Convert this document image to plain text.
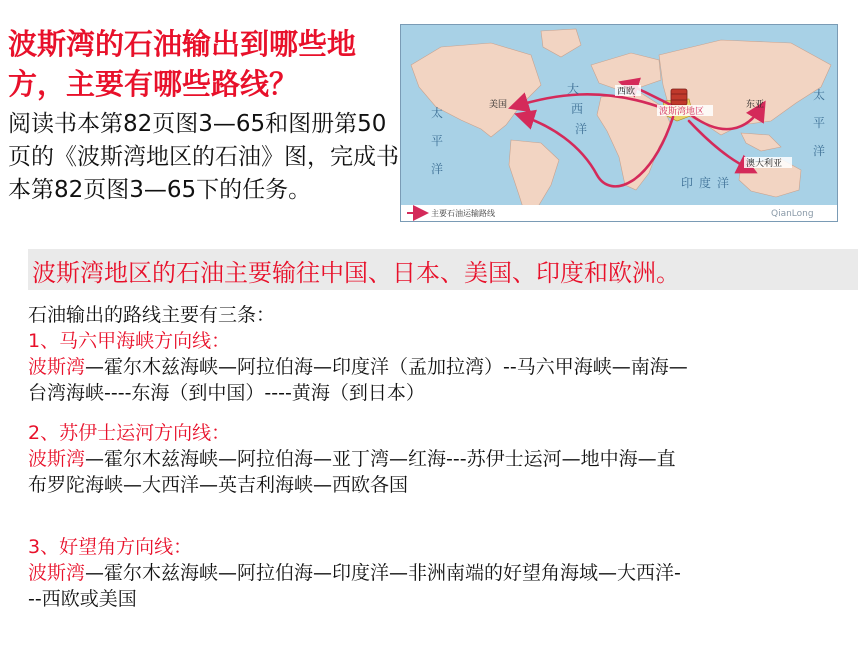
波斯湾的石油输出到哪些地方，主要有哪些路线？
阅读书本第82页图3—65和图册第50页的《波斯湾地区的石油》图，完成书本第82页图3—65下的任务。
西欧
美国
波斯湾地区
东亚
澳大利亚
太
平
洋
大
西
洋
印 度 洋
太
平
洋
主要石油运输路线	QianLong
波斯湾地区的石油主要输往中国、日本、美国、印度和欧洲。
石油输出的路线主要有三条：
1、马六甲海峡方向线：
波斯湾—霍尔木兹海峡—阿拉伯海—印度洋（孟加拉湾）--马六甲海峡—南海—
台湾海峡----东海（到中国）----黄海（到日本）
2、苏伊士运河方向线：
波斯湾—霍尔木兹海峡—阿拉伯海—亚丁湾—红海---苏伊士运河—地中海—直
布罗陀海峡—大西洋—英吉利海峡—西欧各国
3、好望角方向线：
波斯湾—霍尔木兹海峡—阿拉伯海—印度洋—非洲南端的好望角海域—大西洋-
--西欧或美国
